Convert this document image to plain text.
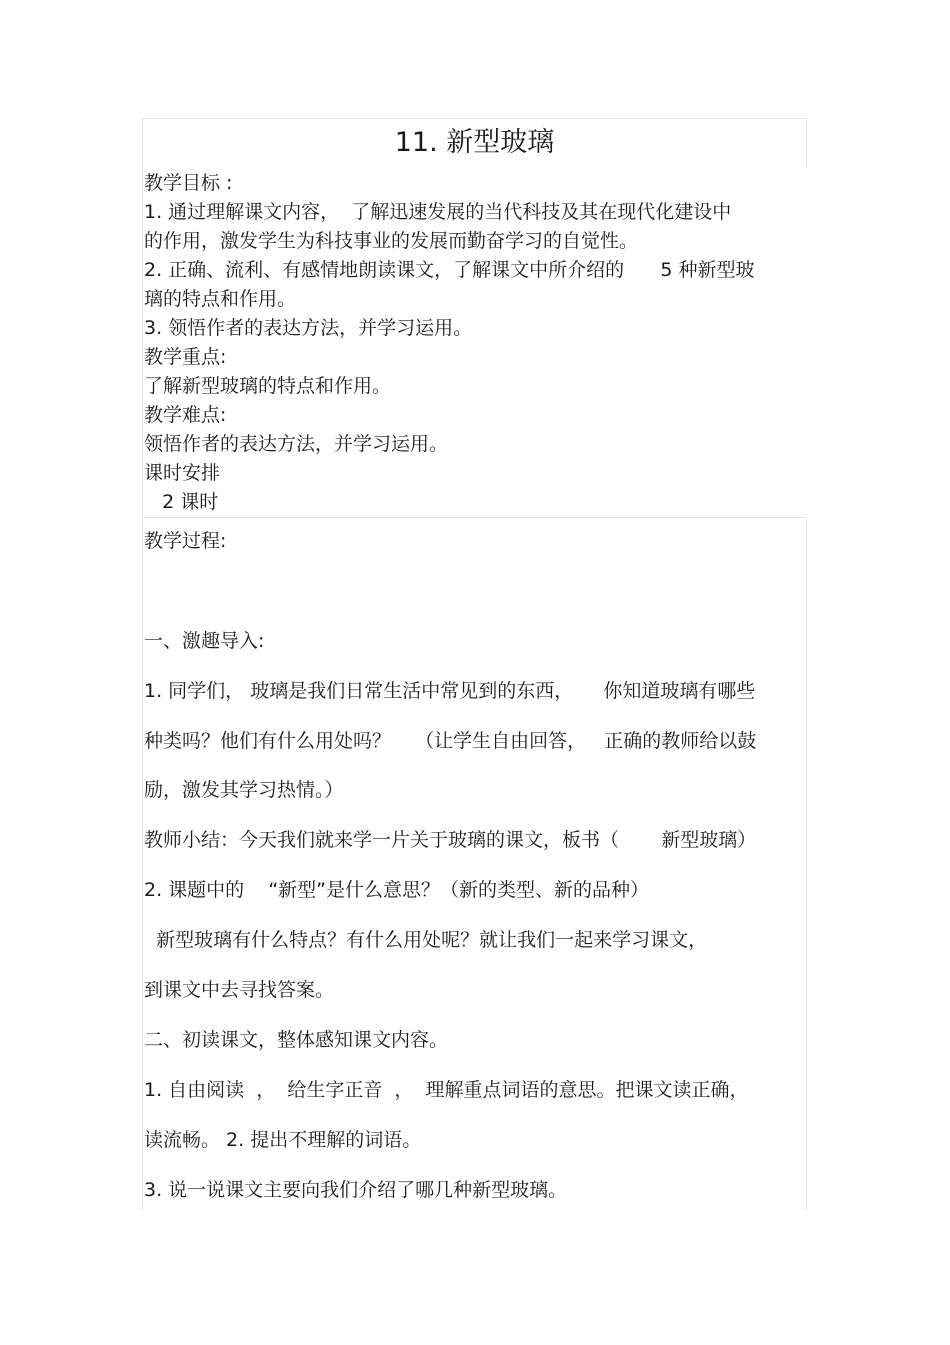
11. 新型玻璃

教学目标 :

1. 通过理解课文内容，  了解迅速发展的当代科技及其在现代化建设中

的作用，激发学生为科技事业的发展而勤奋学习的自觉性。

2. 正确、流利、有感情地朗读课文，了解课文中所介绍的      5 种新型玻

璃的特点和作用。

3. 领悟作者的表达方法，并学习运用。

教学重点:

了解新型玻璃的特点和作用。

教学难点:

领悟作者的表达方法，并学习运用。

课时安排

2 课时

教学过程:

一、激趣导入:

1. 同学们， 玻璃是我们日常生活中常见到的东西，     你知道玻璃有哪些

种类吗？他们有什么用处吗？    （让学生自由回答，   正确的教师给以鼓

励，激发其学习热情。）

教师小结：今天我们就来学一片关于玻璃的课文，板书（       新型玻璃）

2. 课题中的    “新型”是什么意思？（新的类型、新的品种）

新型玻璃有什么特点？有什么用处呢？就让我们一起来学习课文，

到课文中去寻找答案。

二、初读课文，整体感知课文内容。

1. 自由阅读  ，  给生字正音  ，  理解重点词语的意思。把课文读正确，

读流畅。 2. 提出不理解的词语。

3. 说一说课文主要向我们介绍了哪几种新型玻璃。
